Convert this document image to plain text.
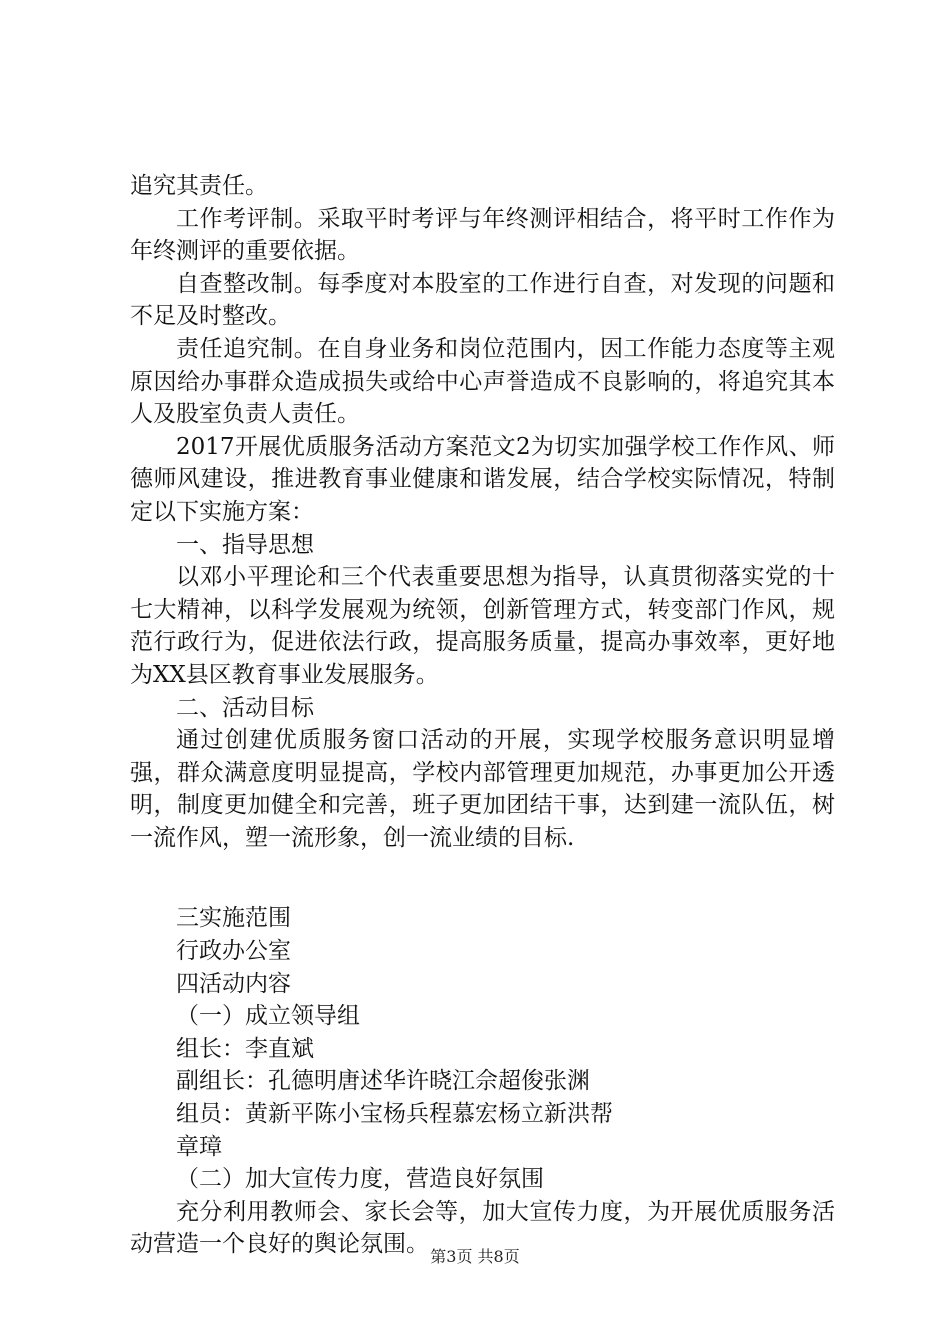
追究其责任。

工作考评制。采取平时考评与年终测评相结合，将平时工作作为年终测评的重要依据。

自查整改制。每季度对本股室的工作进行自查，对发现的问题和不足及时整改。

责任追究制。在自身业务和岗位范围内，因工作能力态度等主观原因给办事群众造成损失或给中心声誉造成不良影响的，将追究其本人及股室负责人责任。

2017开展优质服务活动方案范文2为切实加强学校工作作风、师德师风建设，推进教育事业健康和谐发展，结合学校实际情况，特制定以下实施方案：

一、指导思想

以邓小平理论和三个代表重要思想为指导，认真贯彻落实党的十七大精神，以科学发展观为统领，创新管理方式，转变部门作风，规范行政行为，促进依法行政，提高服务质量，提高办事效率，更好地为XX县区教育事业发展服务。

二、活动目标

通过创建优质服务窗口活动的开展，实现学校服务意识明显增强，群众满意度明显提高，学校内部管理更加规范，办事更加公开透明，制度更加健全和完善，班子更加团结干事，达到建一流队伍，树一流作风，塑一流形象，创一流业绩的目标.

三实施范围

行政办公室

四活动内容

（一）成立领导组

组长：李直斌

副组长：孔德明唐述华许晓江佘超俊张渊

组员：黄新平陈小宝杨兵程慕宏杨立新洪帮

章璋

（二）加大宣传力度，营造良好氛围

充分利用教师会、家长会等，加大宣传力度，为开展优质服务活动营造一个良好的舆论氛围。 第3页 共8页
